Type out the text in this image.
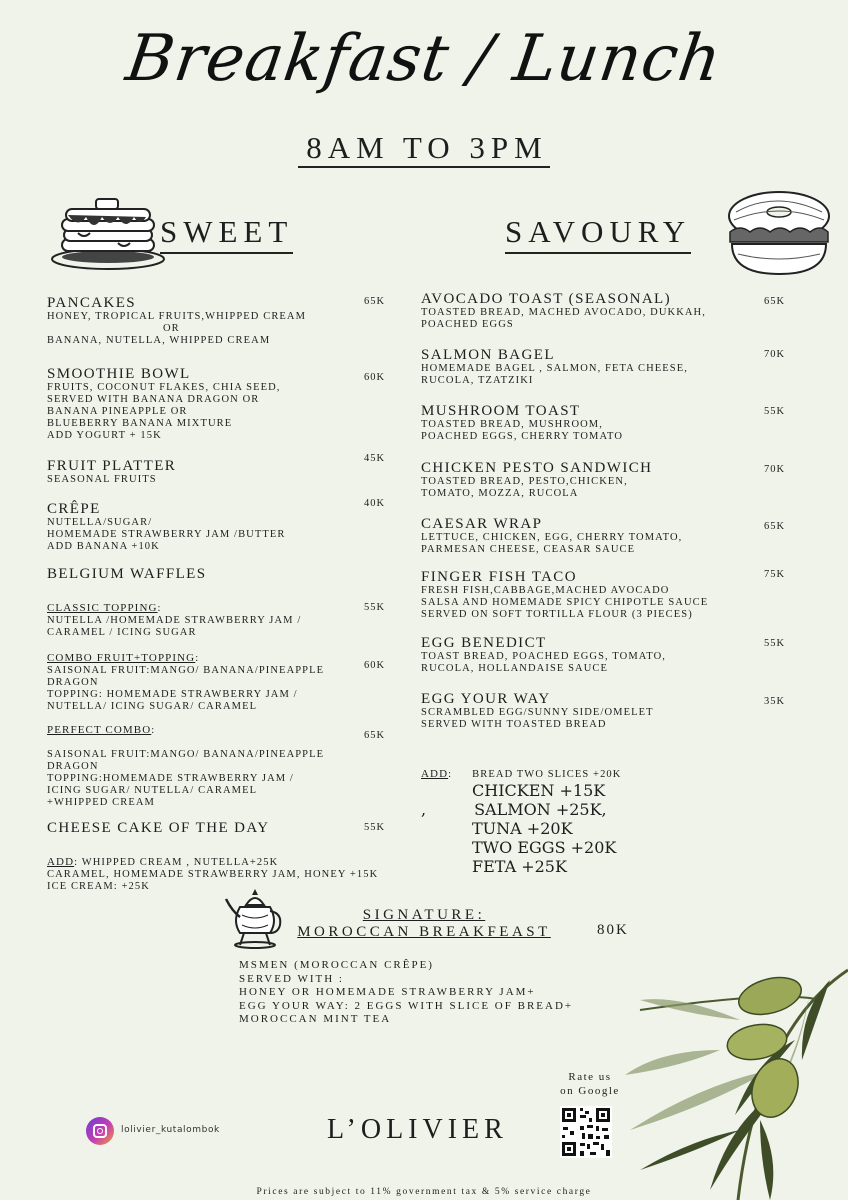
Breakfast / Lunch
8AM TO 3PM
SWEET	SAVOURY
PANCAKES
HONEY, TROPICAL FRUITS,WHIPPED CREAM
OR
BANANA, NUTELLA, WHIPPED CREAM
65K
SMOOTHIE BOWL
FRUITS, COCONUT FLAKES, CHIA SEED,
SERVED WITH BANANA DRAGON OR
BANANA PINEAPPLE OR
BLUEBERRY BANANA MIXTURE
ADD YOGURT + 15K
60K
FRUIT PLATTER
SEASONAL FRUITS
45K
CRÊPE
NUTELLA/SUGAR/
HOMEMADE STRAWBERRY JAM /BUTTER
ADD BANANA +10K
40K
BELGIUM WAFFLES
CLASSIC TOPPING:
NUTELLA /HOMEMADE STRAWBERRY JAM /
CARAMEL / ICING SUGAR
55K
COMBO FRUIT+TOPPING:
SAISONAL FRUIT:MANGO/ BANANA/PINEAPPLE
DRAGON
TOPPING: HOMEMADE STRAWBERRY JAM /
NUTELLA/ ICING SUGAR/ CARAMEL
60K
PERFECT COMBO:
SAISONAL FRUIT:MANGO/ BANANA/PINEAPPLE
DRAGON
TOPPING:HOMEMADE STRAWBERRY JAM /
ICING SUGAR/ NUTELLA/ CARAMEL
+WHIPPED CREAM
65K
CHEESE CAKE OF THE DAY	55K
ADD: WHIPPED CREAM , NUTELLA+25K
CARAMEL, HOMEMADE STRAWBERRY JAM, HONEY +15K
ICE CREAM: +25K
AVOCADO TOAST (SEASONAL)
TOASTED BREAD, MACHED AVOCADO, DUKKAH,
POACHED EGGS
65K
SALMON BAGEL
HOMEMADE BAGEL , SALMON, FETA CHEESE,
RUCOLA, TZATZIKI
70K
MUSHROOM TOAST
TOASTED BREAD, MUSHROOM,
POACHED EGGS, CHERRY TOMATO
55K
CHICKEN PESTO SANDWICH
TOASTED BREAD, PESTO,CHICKEN,
TOMATO, MOZZA, RUCOLA
70K
CAESAR WRAP
LETTUCE, CHICKEN, EGG, CHERRY TOMATO,
PARMESAN CHEESE, CEASAR SAUCE
65K
FINGER FISH TACO
FRESH FISH,CABBAGE,MACHED AVOCADO
SALSA AND HOMEMADE SPICY CHIPOTLE SAUCE
SERVED ON SOFT TORTILLA FLOUR (3 PIECES)
75K
EGG BENEDICT
TOAST BREAD, POACHED EGGS, TOMATO,
RUCOLA, HOLLANDAISE SAUCE
55K
EGG YOUR WAY
SCRAMBLED EGG/SUNNY SIDE/OMELET
SERVED WITH TOASTED BREAD
35K
ADD: BREAD TWO SLICES +20K
CHICKEN +15K
,	SALMON +25K,
TUNA +20K
TWO EGGS +20K
FETA +25K
SIGNATURE:
MOROCCAN BREAKFEAST	80K
MSMEN (MOROCCAN CRÊPE)
SERVED WITH :
HONEY OR HOMEMADE STRAWBERRY JAM+
EGG YOUR WAY: 2 EGGS WITH SLICE OF BREAD+
MOROCCAN MINT TEA
lolivier_kutalombok	L’OLIVIER
Rate us
on Google
Prices are subject to 11% government tax & 5% service charge
